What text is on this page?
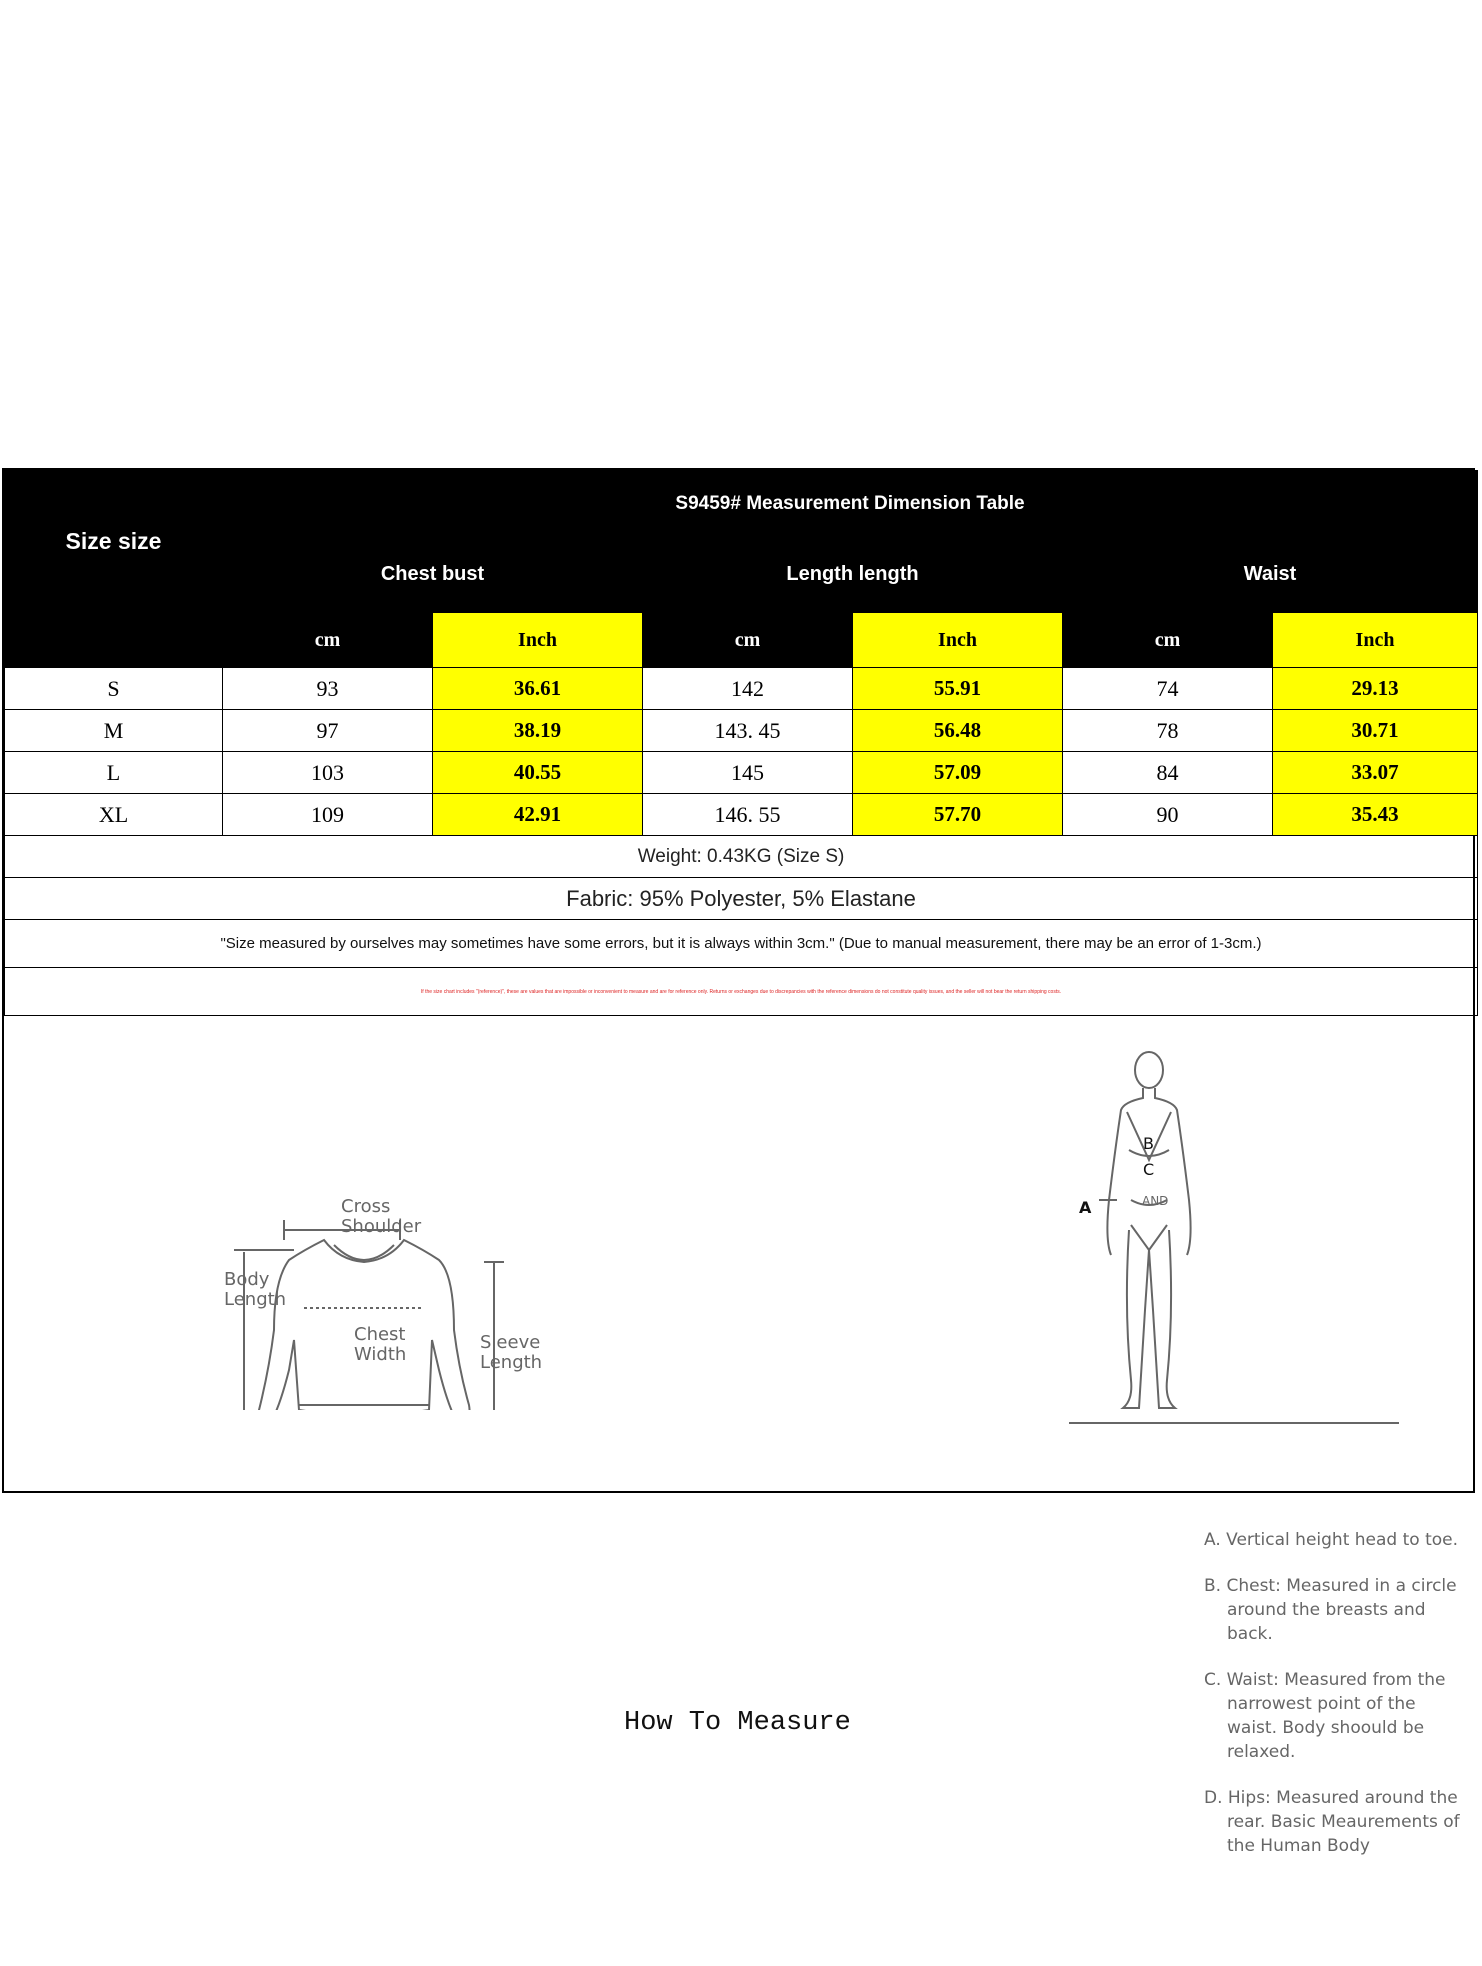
Size size	S9459# Measurement Dimension Table					
	Chest bust		Length length		Waist	
	cm	Inch	cm	Inch	cm	Inch
S	93	36.61	142	55.91	74	29.13
M	97	38.19	143. 45	56.48	78	30.71
L	103	40.55	145	57.09	84	33.07
XL	109	42.91	146. 55	57.70	90	35.43
Weight: 0.43KG (Size S)						
Fabric: 95% Polyester, 5% Elastane						
"Size measured by ourselves may sometimes have some errors, but it is always within 3cm." (Due to manual measurement, there may be an error of 1-3cm.)						

If the size chart includes "(reference)", these are values that are impossible or inconvenient to measure and are for reference only. Returns or exchanges due to discrepancies with the reference dimensions do not constitute quality issues, and the seller will not bear the return shipping costs.						
Cross Shoulder
Body Length
Chest Width
Sleeve Length
How To Measure
B
C
AND
A

A. Vertical height head to toe.

B. Chest: Measured in a circle around the breasts and back.

C. Waist: Measured from the narrowest point of the waist. Body shoould be relaxed.

D. Hips: Measured around the rear. Basic Meaurements of the Human Body
